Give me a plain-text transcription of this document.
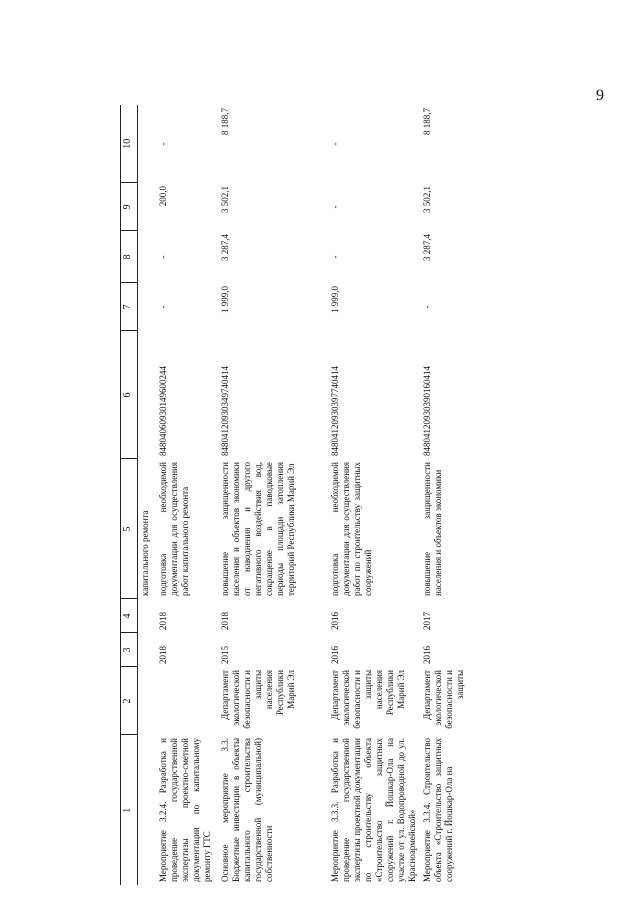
9
1	2	3	4	5	6	7	8	9	10
				капитального ремонта					
Мероприятие 3.2.4. Разработка и проведение государственной экспертизы проектно-сметной документации по капитальному ремонту ГТС		2018	2018	подготовка необходимой документации для осуществления работ капитального ремонта	84804060930149600244	-	-	200,0	-
Основное мероприятие 3.3. Бюджетные инвестиции в объекты капитального строительства государственной (муниципальной) собственности	Департамент экологической безопасности и защиты населения Республики Марий Эл	2015	2018	повышение защищенности населения и объектов экономики от наводнения и другого негативного воздействия вод, сокращение в паводковые периоды площади затопления территорий Республики Марий Эл	84804120930349740414	1 999,0	3 287,4	3 502,1	8 188,7
Мероприятие 3.3.3. Разработка и проведение государственной экспертизы проектной документации по строительству объекта «Строительство защитных сооружений г. Йошкар-Ола на участке от ул. Водопроводной до ул. Красноармейской»	Департамент экологической безопасности и защиты населения Республики Марий Эл	2016	2016	подготовка необходимой документации для осуществления работ по строительству защитных сооружений	84804120930397740414	1 999,0	-	-	-
Мероприятие 3.3.4. Строительство объекта «Строительство защитных сооружений г. Йошкар-Ола на	Департамент экологической безопасности и защиты	2016	2017	повышение защищенности населения и объектов экономики	84804120930390160414	-	3 287,4	3 502,1	8 188,7
